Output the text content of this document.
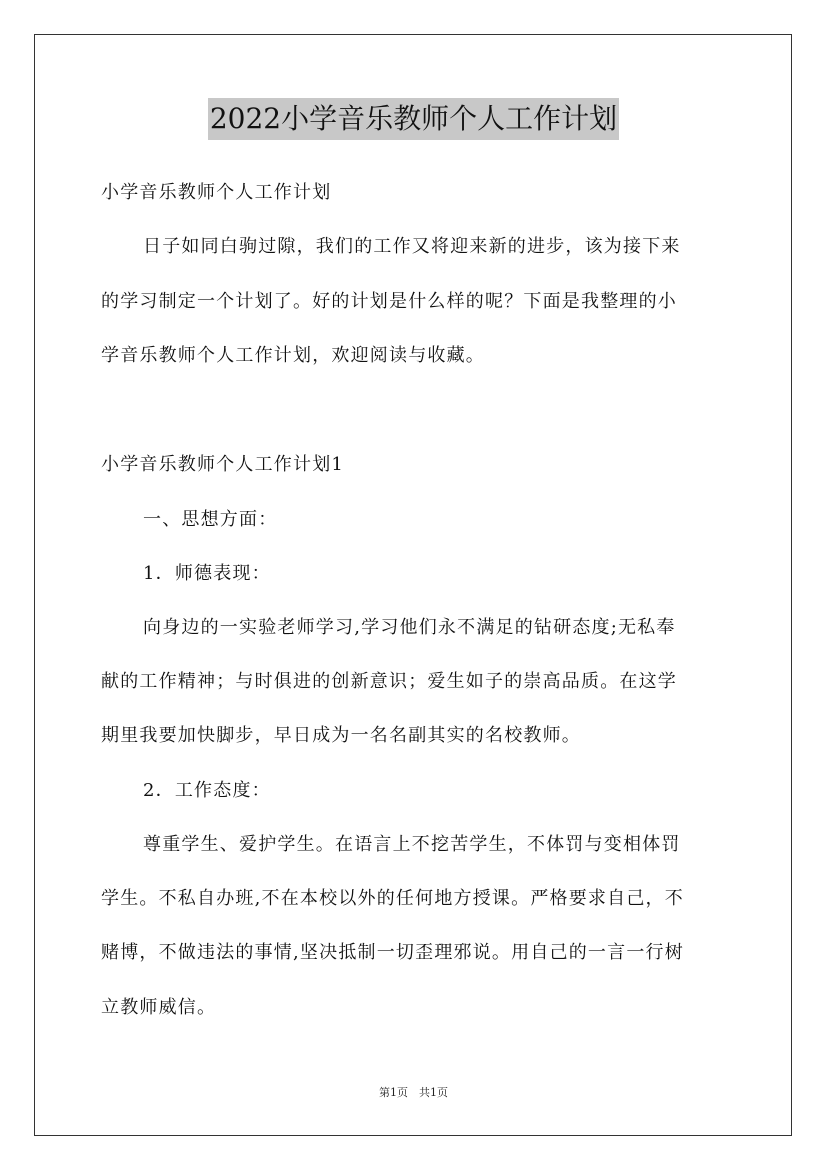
2022小学音乐教师个人工作计划
小学音乐教师个人工作计划
日子如同白驹过隙，我们的工作又将迎来新的进步，该为接下来
的学习制定一个计划了。好的计划是什么样的呢？下面是我整理的小
学音乐教师个人工作计划，欢迎阅读与收藏。
小学音乐教师个人工作计划1
一、思想方面：
1．师德表现：
向身边的一实验老师学习,学习他们永不满足的钻研态度;无私奉
献的工作精神；与时俱进的创新意识；爱生如子的崇高品质。在这学
期里我要加快脚步，早日成为一名名副其实的名校教师。
2．工作态度：
尊重学生、爱护学生。在语言上不挖苦学生，不体罚与变相体罚
学生。不私自办班,不在本校以外的任何地方授课。严格要求自己，不
赌博，不做违法的事情,坚决抵制一切歪理邪说。用自己的一言一行树
立教师威信。
第1页　共1页
